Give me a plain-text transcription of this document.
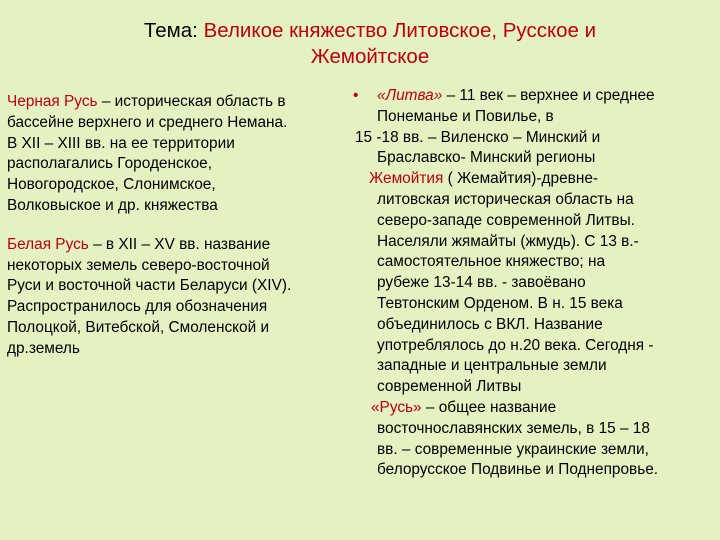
Тема: Великое княжество Литовское, Русское и
Жемойтское

Черная Русь – историческая область в
бассейне верхнего и среднего Немана.
В XII – XIII вв. на ее территории
располагались Городенское,
Новогородское, Слонимское,
Волковыское и др. княжества

Белая Русь – в XII – XV вв. название
некоторых земель северо-восточной
Руси и восточной части Беларуси (XIV).
Распространилось для обозначения
Полоцкой, Витебской, Смоленской и
др.земель

• «Литва» – 11 век – верхнее и среднее
Понеманье и Повилье, в
15 -18 вв. – Виленско – Минский и
Браславско- Минский регионы
Жемойтия ( Жемайтия)-древне-
литовская историческая область на
северо-западе современной Литвы.
Населяли жямайты (жмудь). С 13 в.-
самостоятельное княжество; на
рубеже 13-14 вв. - завоёвано
Тевтонским Орденом. В н. 15 века
объединилось с ВКЛ. Название
употреблялось до н.20 века. Сегодня -
западные и центральные земли
современной Литвы
«Русь» – общее название
восточнославянских земель, в 15 – 18
вв. – современные украинские земли,
белорусское Подвинье и Поднепровье.
